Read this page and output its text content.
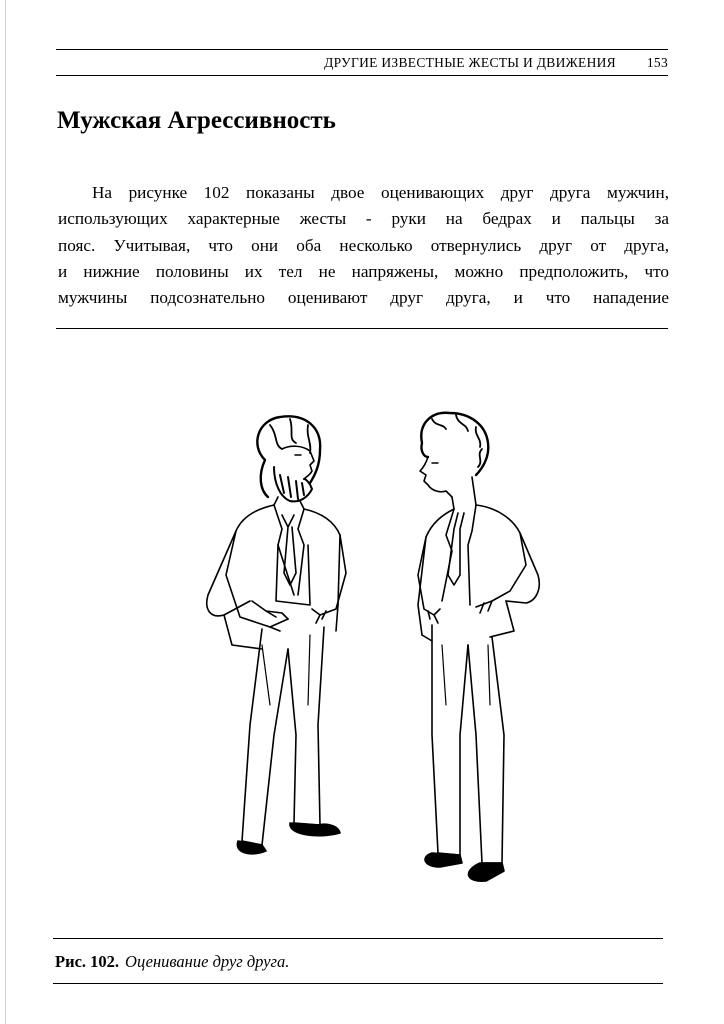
ДРУГИЕ ИЗВЕСТНЫЕ ЖЕСТЫ И ДВИЖЕНИЯ 153
Мужская Агрессивность
На рисунке 102 показаны двое оценивающих друг друга мужчин,
использующих характерные жесты - руки на бедрах и пальцы за
пояс. Учитывая, что они оба несколько отвернулись друг от друга,
и нижние половины их тел не напряжены, можно предположить, что
мужчины подсознательно оценивают друг друга, и что нападение
Рис. 102. Оценивание друг друга.
